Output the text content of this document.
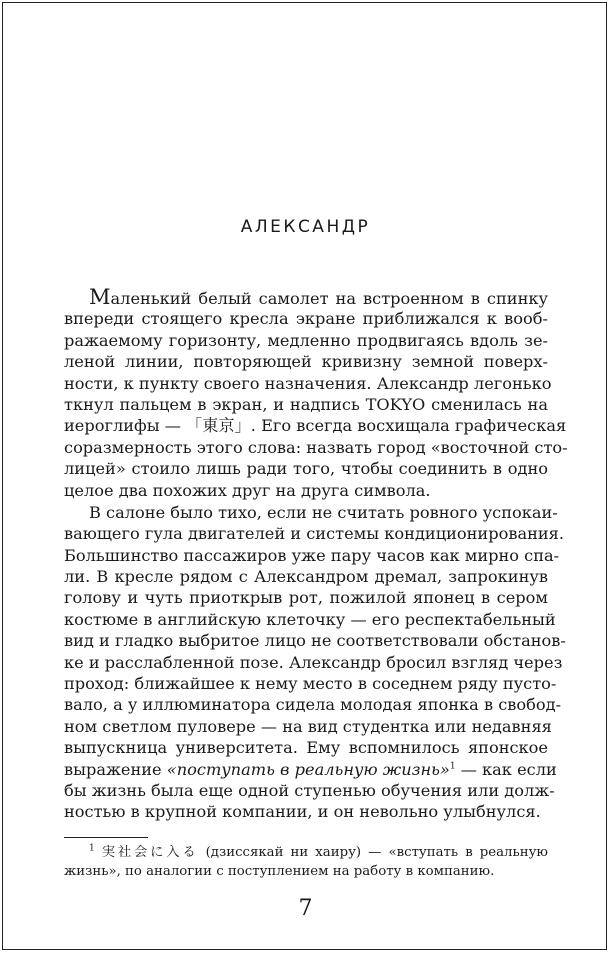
АЛЕКСАНДР
Маленький белый самолет на встроенном в спинку
впереди стоящего кресла экране приближался к вооб-
ражаемому горизонту, медленно продвигаясь вдоль зе-
леной линии, повторяющей кривизну земной поверх-
ности, к пункту своего назначения. Александр легонько
ткнул пальцем в экран, и надпись TOKYO сменилась на
иероглифы — 「東京」. Его всегда восхищала графическая
соразмерность этого слова: назвать город «восточной сто-
лицей» стоило лишь ради того, чтобы соединить в одно
целое два похожих друг на друга символа.
В салоне было тихо, если не считать ровного успокаи-
вающего гула двигателей и системы кондиционирования.
Большинство пассажиров уже пару часов как мирно спа-
ли. В кресле рядом с Александром дремал, запрокинув
голову и чуть приоткрыв рот, пожилой японец в сером
костюме в английскую клеточку — его респектабельный
вид и гладко выбритое лицо не соответствовали обстанов-
ке и расслабленной позе. Александр бросил взгляд через
проход: ближайшее к нему место в соседнем ряду пусто-
вало, а у иллюминатора сидела молодая японка в свобод-
ном светлом пуловере — на вид студентка или недавняя
выпускница университета. Ему вспомнилось японское
выражение «поступать в реальную жизнь»$^1$ — как если
бы жизнь была еще одной ступенью обучения или долж-
ностью в крупной компании, и он невольно улыбнулся.
$^1$ 実社会に入る (дзиссякай ни хаиру) — «вступать в реальную
жизнь», по аналогии с поступлением на работу в компанию.
7
